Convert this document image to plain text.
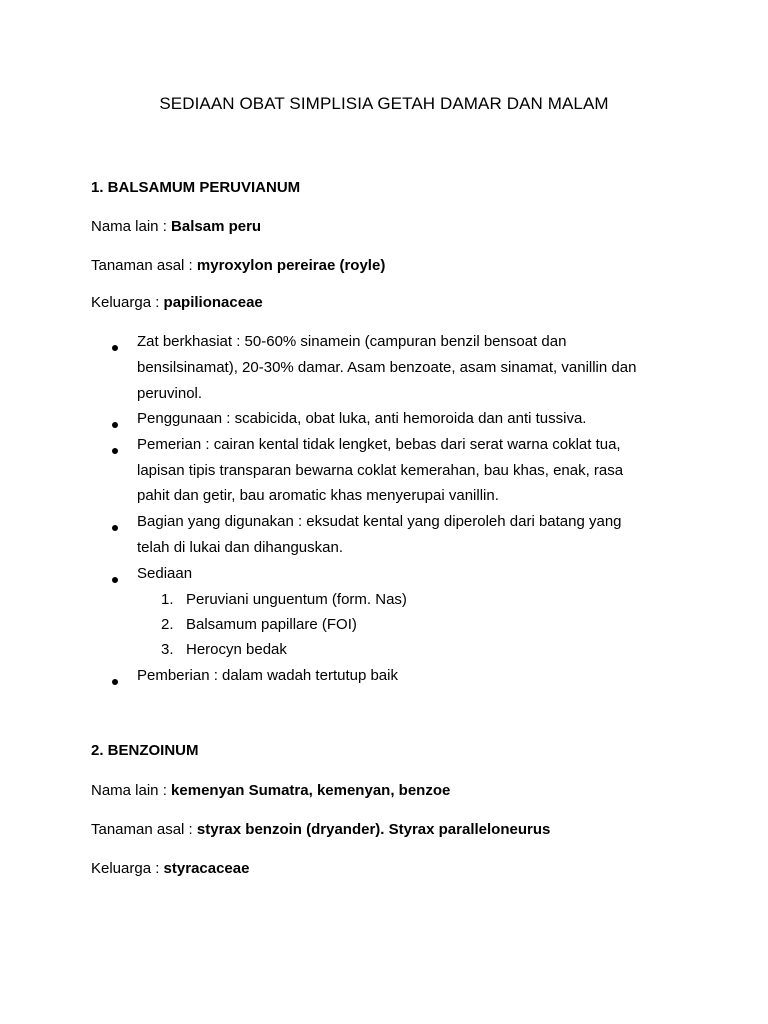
SEDIAAN OBAT SIMPLISIA GETAH DAMAR DAN MALAM
1. BALSAMUM PERUVIANUM
Nama lain : Balsam peru
Tanaman asal : myroxylon pereirae (royle)
Keluarga : papilionaceae
Zat berkhasiat : 50-60% sinamein (campuran benzil bensoat dan
bensilsinamat), 20-30% damar. Asam benzoate, asam sinamat, vanillin dan
peruvinol.
Penggunaan : scabicida, obat luka, anti hemoroida dan anti tussiva.
Pemerian : cairan kental tidak lengket, bebas dari serat warna coklat tua,
lapisan tipis transparan bewarna coklat kemerahan, bau khas, enak, rasa
pahit dan getir, bau aromatic khas menyerupai vanillin.
Bagian yang digunakan : eksudat kental yang diperoleh dari batang yang
telah di lukai dan dihanguskan.
Sediaan
1. Peruviani unguentum (form. Nas)
2. Balsamum papillare (FOI)
3. Herocyn bedak
Pemberian : dalam wadah tertutup baik
2. BENZOINUM
Nama lain : kemenyan Sumatra, kemenyan, benzoe
Tanaman asal : styrax benzoin (dryander). Styrax paralleloneurus
Keluarga : styracaceae
